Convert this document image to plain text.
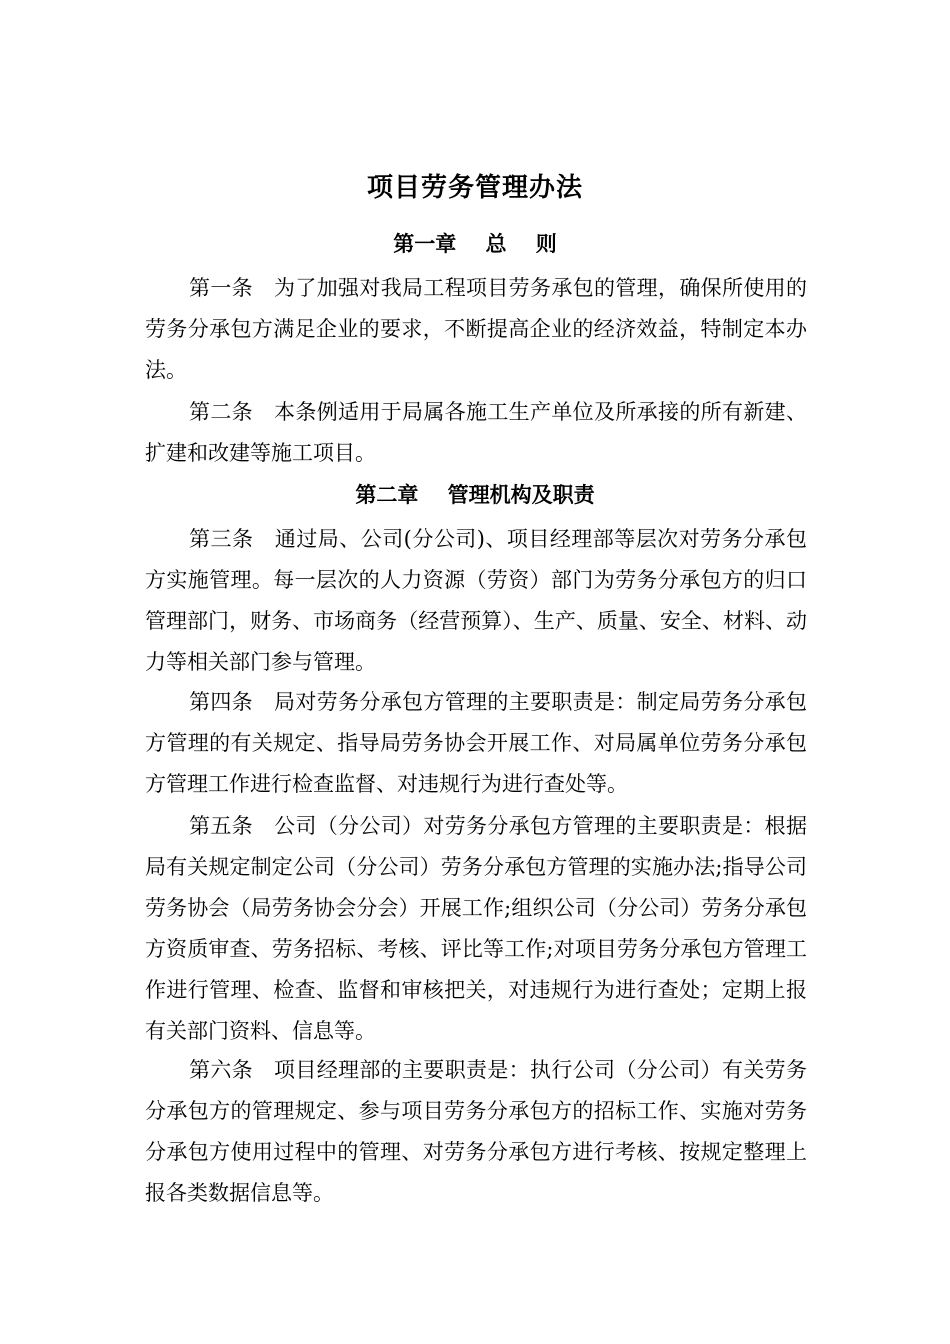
项目劳务管理办法
第一章    总    则

第一条 为了加强对我局工程项目劳务承包的管理，确保所使用的劳务分承包方满足企业的要求，不断提高企业的经济效益，特制定本办法。

第二条 本条例适用于局属各施工生产单位及所承接的所有新建、扩建和改建等施工项目。

第二章    管理机构及职责

第三条 通过局、公司(分公司)、项目经理部等层次对劳务分承包方实施管理。每一层次的人力资源（劳资）部门为劳务分承包方的归口管理部门，财务、市场商务（经营预算）、生产、质量、安全、材料、动力等相关部门参与管理。

第四条 局对劳务分承包方管理的主要职责是：制定局劳务分承包方管理的有关规定、指导局劳务协会开展工作、对局属单位劳务分承包方管理工作进行检查监督、对违规行为进行查处等。

第五条 公司（分公司）对劳务分承包方管理的主要职责是：根据局有关规定制定公司（分公司）劳务分承包方管理的实施办法;指导公司劳务协会（局劳务协会分会）开展工作;组织公司（分公司）劳务分承包方资质审查、劳务招标、考核、评比等工作;对项目劳务分承包方管理工作进行管理、检查、监督和审核把关，对违规行为进行查处；定期上报有关部门资料、信息等。

第六条 项目经理部的主要职责是：执行公司（分公司）有关劳务分承包方的管理规定、参与项目劳务分承包方的招标工作、实施对劳务分承包方使用过程中的管理、对劳务分承包方进行考核、按规定整理上报各类数据信息等。
